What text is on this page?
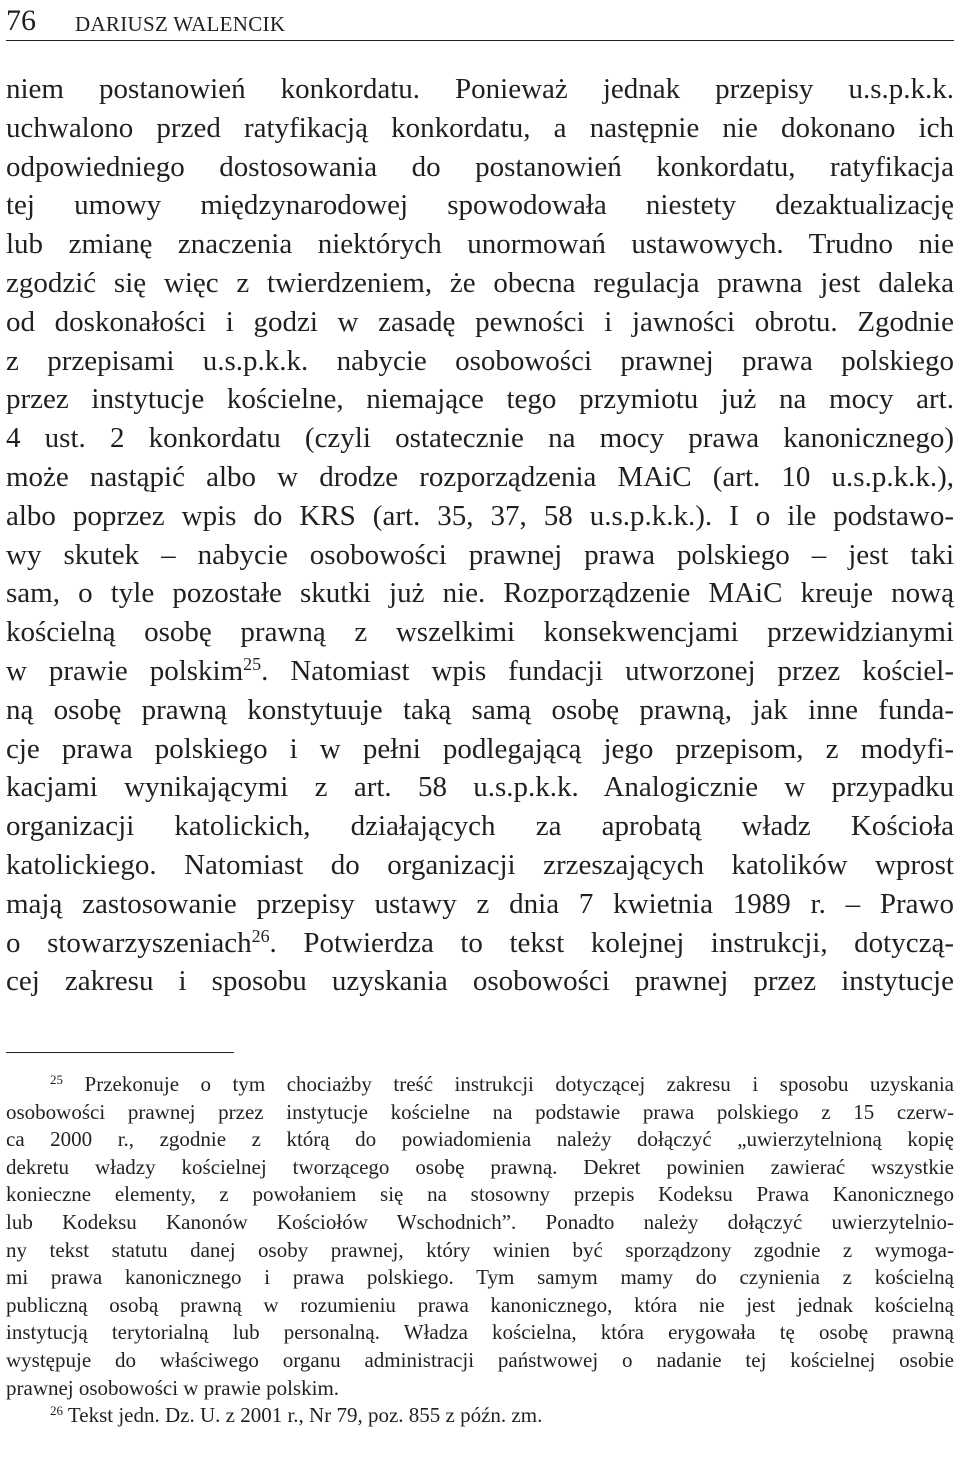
76 DARIUSZ WALENCIK
niem postanowień konkordatu. Ponieważ jednak przepisy u.s.p.k.k.
uchwalono przed ratyfikacją konkordatu, a następnie nie dokonano ich
odpowiedniego dostosowania do postanowień konkordatu, ratyfikacja
tej umowy międzynarodowej spowodowała niestety dezaktualizację
lub zmianę znaczenia niektórych unormowań ustawowych. Trudno nie
zgodzić się więc z twierdzeniem, że obecna regulacja prawna jest daleka
od doskonałości i godzi w zasadę pewności i jawności obrotu. Zgodnie
z przepisami u.s.p.k.k. nabycie osobowości prawnej prawa polskiego
przez instytucje kościelne, niemające tego przymiotu już na mocy art.
4 ust. 2 konkordatu (czyli ostatecznie na mocy prawa kanonicznego)
może nastąpić albo w drodze rozporządzenia MAiC (art. 10 u.s.p.k.k.),
albo poprzez wpis do KRS (art. 35, 37, 58 u.s.p.k.k.). I o ile podstawo-
wy skutek – nabycie osobowości prawnej prawa polskiego – jest taki
sam, o tyle pozostałe skutki już nie. Rozporządzenie MAiC kreuje nową
kościelną osobę prawną z wszelkimi konsekwencjami przewidzianymi
w prawie polskim$^{25}$. Natomiast wpis fundacji utworzonej przez kościel-
ną osobę prawną konstytuuje taką samą osobę prawną, jak inne funda-
cje prawa polskiego i w pełni podlegającą jego przepisom, z modyfi-
kacjami wynikającymi z art. 58 u.s.p.k.k. Analogicznie w przypadku
organizacji katolickich, działających za aprobatą władz Kościoła
katolickiego. Natomiast do organizacji zrzeszających katolików wprost
mają zastosowanie przepisy ustawy z dnia 7 kwietnia 1989 r. – Prawo
o stowarzyszeniach$^{26}$. Potwierdza to tekst kolejnej instrukcji, dotyczą-
cej zakresu i sposobu uzyskania osobowości prawnej przez instytucje
$^{25}$ Przekonuje o tym chociażby treść instrukcji dotyczącej zakresu i sposobu uzyskania
osobowości prawnej przez instytucje kościelne na podstawie prawa polskiego z 15 czerw-
ca 2000 r., zgodnie z którą do powiadomienia należy dołączyć „uwierzytelnioną kopię
dekretu władzy kościelnej tworzącego osobę prawną. Dekret powinien zawierać wszystkie
konieczne elementy, z powołaniem się na stosowny przepis Kodeksu Prawa Kanonicznego
lub Kodeksu Kanonów Kościołów Wschodnich”. Ponadto należy dołączyć uwierzytelnio-
ny tekst statutu danej osoby prawnej, który winien być sporządzony zgodnie z wymoga-
mi prawa kanonicznego i prawa polskiego. Tym samym mamy do czynienia z kościelną
publiczną osobą prawną w rozumieniu prawa kanonicznego, która nie jest jednak kościelną
instytucją terytorialną lub personalną. Władza kościelna, która erygowała tę osobę prawną
występuje do właściwego organu administracji państwowej o nadanie tej kościelnej osobie
prawnej osobowości w prawie polskim.
$^{26}$ Tekst jedn. Dz. U. z 2001 r., Nr 79, poz. 855 z późn. zm.
